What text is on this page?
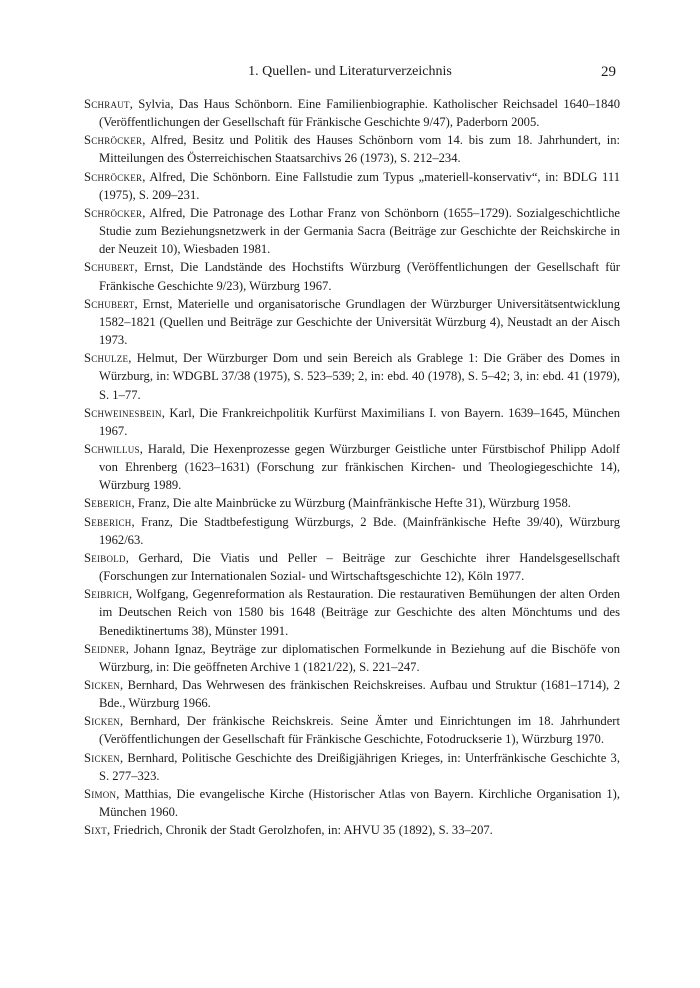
1. Quellen- und Literaturverzeichnis	29

Schraut, Sylvia, Das Haus Schönborn. Eine Familienbiographie. Katholischer Reichsadel 1640–1840 (Veröffentlichungen der Gesellschaft für Fränkische Geschichte 9/47), Paderborn 2005.

Schröcker, Alfred, Besitz und Politik des Hauses Schönborn vom 14. bis zum 18. Jahrhundert, in: Mitteilungen des Österreichischen Staatsarchivs 26 (1973), S. 212–234.

Schröcker, Alfred, Die Schönborn. Eine Fallstudie zum Typus „materiell-konservativ“, in: BDLG 111 (1975), S. 209–231.

Schröcker, Alfred, Die Patronage des Lothar Franz von Schönborn (1655–1729). Sozialgeschichtliche Studie zum Beziehungsnetzwerk in der Germania Sacra (Beiträge zur Geschichte der Reichskirche in der Neuzeit 10), Wiesbaden 1981.

Schubert, Ernst, Die Landstände des Hochstifts Würzburg (Veröffentlichungen der Gesellschaft für Fränkische Geschichte 9/23), Würzburg 1967.

Schubert, Ernst, Materielle und organisatorische Grundlagen der Würzburger Universitätsentwicklung 1582–1821 (Quellen und Beiträge zur Geschichte der Universität Würzburg 4), Neustadt an der Aisch 1973.

Schulze, Helmut, Der Würzburger Dom und sein Bereich als Grablege 1: Die Gräber des Domes in Würzburg, in: WDGBL 37/38 (1975), S. 523–539; 2, in: ebd. 40 (1978), S. 5–42; 3, in: ebd. 41 (1979), S. 1–77.

Schweinesbein, Karl, Die Frankreichpolitik Kurfürst Maximilians I. von Bayern. 1639–1645, München 1967.

Schwillus, Harald, Die Hexenprozesse gegen Würzburger Geistliche unter Fürstbischof Philipp Adolf von Ehrenberg (1623–1631) (Forschung zur fränkischen Kirchen- und Theologiegeschichte 14), Würzburg 1989.

Seberich, Franz, Die alte Mainbrücke zu Würzburg (Mainfränkische Hefte 31), Würzburg 1958.

Seberich, Franz, Die Stadtbefestigung Würzburgs, 2 Bde. (Mainfränkische Hefte 39/40), Würzburg 1962/63.

Seibold, Gerhard, Die Viatis und Peller – Beiträge zur Geschichte ihrer Handelsgesellschaft (Forschungen zur Internationalen Sozial- und Wirtschaftsgeschichte 12), Köln 1977.

Seibrich, Wolfgang, Gegenreformation als Restauration. Die restaurativen Bemühungen der alten Orden im Deutschen Reich von 1580 bis 1648 (Beiträge zur Geschichte des alten Mönchtums und des Benediktinertums 38), Münster 1991.

Seidner, Johann Ignaz, Beyträge zur diplomatischen Formelkunde in Beziehung auf die Bischöfe von Würzburg, in: Die geöffneten Archive 1 (1821/22), S. 221–247.

Sicken, Bernhard, Das Wehrwesen des fränkischen Reichskreises. Aufbau und Struktur (1681–1714), 2 Bde., Würzburg 1966.

Sicken, Bernhard, Der fränkische Reichskreis. Seine Ämter und Einrichtungen im 18. Jahrhundert (Veröffentlichungen der Gesellschaft für Fränkische Geschichte, Fotodruckserie 1), Würzburg 1970.

Sicken, Bernhard, Politische Geschichte des Dreißigjährigen Krieges, in: Unterfränkische Geschichte 3, S. 277–323.

Simon, Matthias, Die evangelische Kirche (Historischer Atlas von Bayern. Kirchliche Organisation 1), München 1960.

Sixt, Friedrich, Chronik der Stadt Gerolzhofen, in: AHVU 35 (1892), S. 33–207.
